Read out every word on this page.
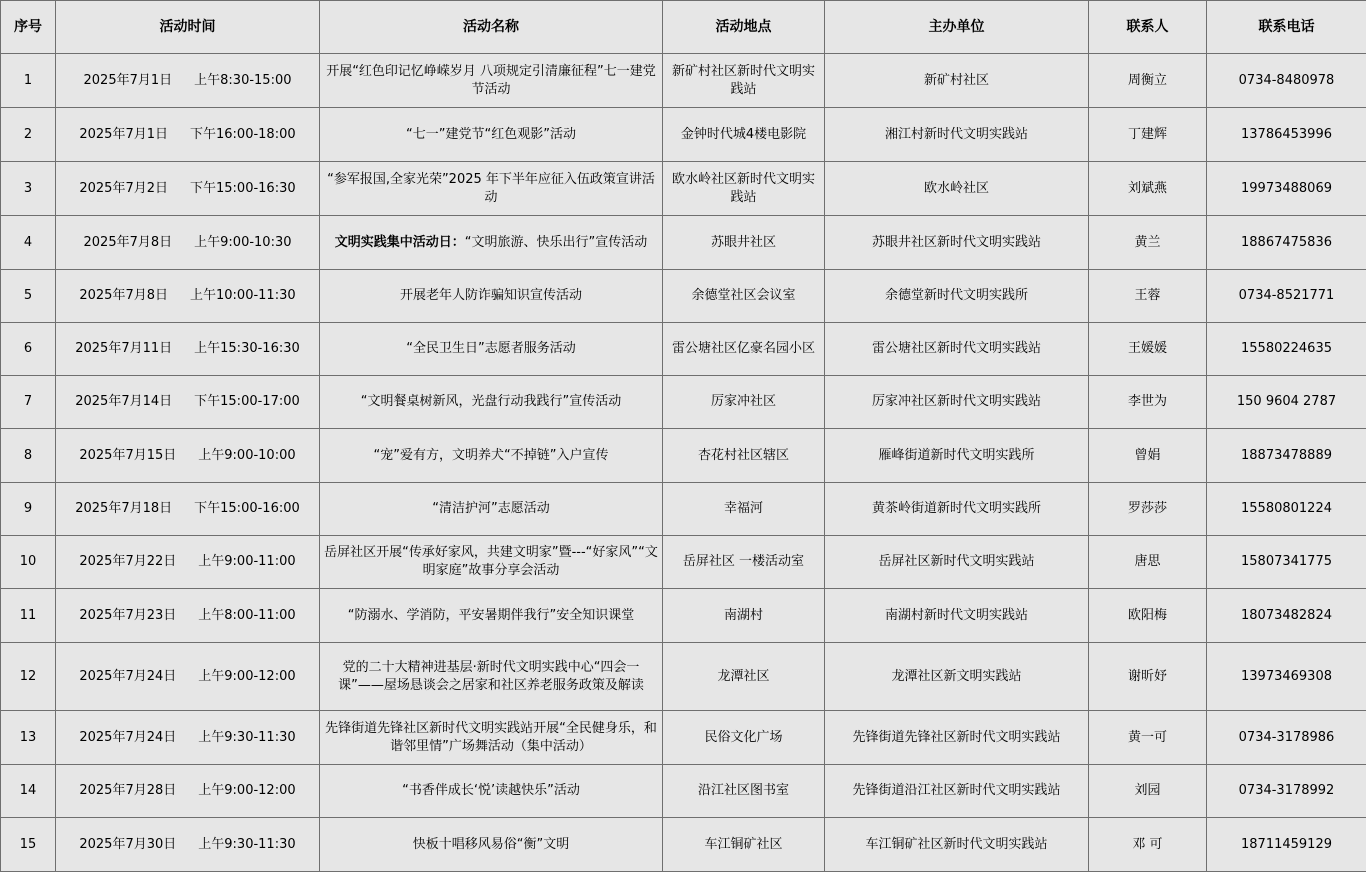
序号	活动时间	活动名称	活动地点	主办单位	联系人	联系电话
1	2025年7月1日 上午8:30-15:00	开展“红色印记忆峥嵘岁月 八项规定引清廉征程”七一建党节活动	新矿村社区新时代文明实践站	新矿村社区	周衡立	0734-8480978
2	2025年7月1日 下午16:00-18:00	“七一”建党节“红色观影”活动	金钟时代城4楼电影院	湘江村新时代文明实践站	丁建辉	13786453996
3	2025年7月2日 下午15:00-16:30	“参军报国,全家光荣”2025 年下半年应征入伍政策宣讲活动	欧水岭社区新时代文明实践站	欧水岭社区	刘斌燕	19973488069
4	2025年7月8日 上午9:00-10:30	文明实践集中活动日：“文明旅游、快乐出行”宣传活动	苏眼井社区	苏眼井社区新时代文明实践站	黄兰	18867475836
5	2025年7月8日 上午10:00-11:30	开展老年人防诈骗知识宣传活动	余德堂社区会议室	余德堂新时代文明实践所	王蓉	0734-8521771
6	2025年7月11日 上午15:30-16:30	“全民卫生日”志愿者服务活动	雷公塘社区亿豪名园小区	雷公塘社区新时代文明实践站	王媛媛	15580224635
7	2025年7月14日 下午15:00-17:00	“文明餐桌树新风，光盘行动我践行”宣传活动	厉家冲社区	厉家冲社区新时代文明实践站	李世为	150 9604 2787
8	2025年7月15日 上午9:00-10:00	“宠”爱有方，文明养犬“不掉链”入户宣传	杏花村社区辖区	雁峰街道新时代文明实践所	曾娟	18873478889
9	2025年7月18日 下午15:00-16:00	“清洁护河”志愿活动	幸福河	黄茶岭街道新时代文明实践所	罗莎莎	15580801224
10	2025年7月22日 上午9:00-11:00	岳屏社区开展“传承好家风，共建文明家”暨---“好家风”“文明家庭”故事分享会活动	岳屏社区 一楼活动室	岳屏社区新时代文明实践站	唐思	15807341775
11	2025年7月23日 上午8:00-11:00	“防溺水、学消防，平安暑期伴我行”安全知识课堂	南湖村	南湖村新时代文明实践站	欧阳梅	18073482824
12	2025年7月24日 上午9:00-12:00	党的二十大精神进基层·新时代文明实践中心“四会一课”——屋场恳谈会之居家和社区养老服务政策及解读	龙潭社区	龙潭社区新文明实践站	谢昕妤	13973469308
13	2025年7月24日 上午9:30-11:30	先锋街道先锋社区新时代文明实践站开展“全民健身乐，和谐邻里情”广场舞活动（集中活动）	民俗文化广场	先锋街道先锋社区新时代文明实践站	黄一可	0734-3178986
14	2025年7月28日 上午9:00-12:00	“书香伴成长‘悦’读越快乐”活动	沿江社区图书室	先锋街道沿江社区新时代文明实践站	刘园	0734-3178992
15	2025年7月30日 上午9:30-11:30	快板十唱移风易俗“衡”文明	车江铜矿社区	车江铜矿社区新时代文明实践站	邓 可	18711459129
